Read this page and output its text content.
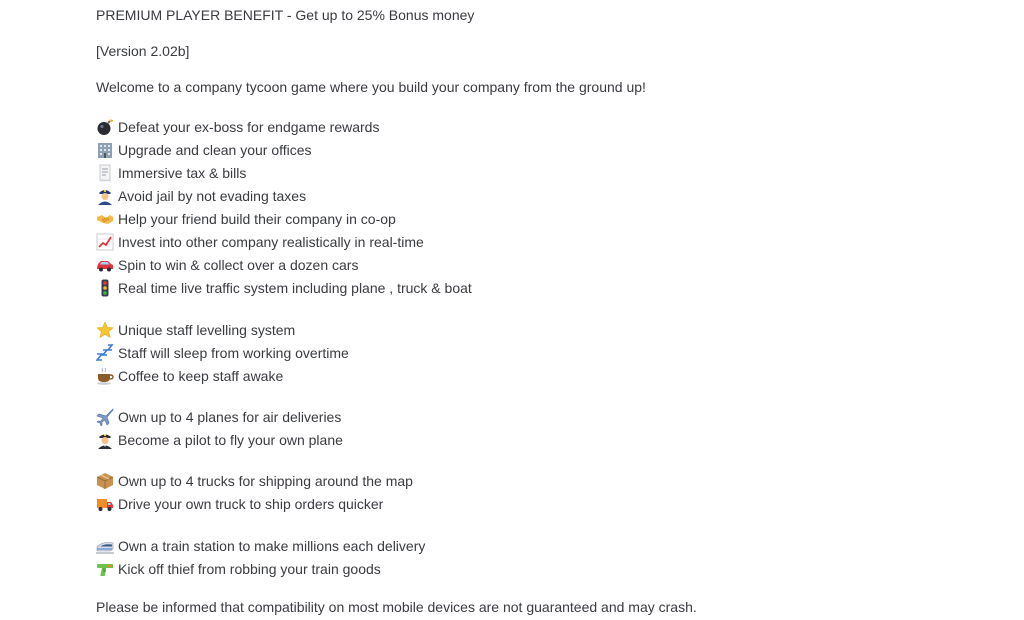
PREMIUM PLAYER BENEFIT - Get up to 25% Bonus money
[Version 2.02b]
Welcome to a company tycoon game where you build your company from the ground up!
Defeat your ex-boss for endgame rewards
Upgrade and clean your offices
Immersive tax & bills
Avoid jail by not evading taxes
Help your friend build their company in co-op
Invest into other company realistically in real-time
Spin to win & collect over a dozen cars
Real time live traffic system including plane , truck & boat
Unique staff levelling system
Staff will sleep from working overtime
Coffee to keep staff awake
Own up to 4 planes for air deliveries
Become a pilot to fly your own plane
Own up to 4 trucks for shipping around the map
Drive your own truck to ship orders quicker
Own a train station to make millions each delivery
Kick off thief from robbing your train goods
Please be informed that compatibility on most mobile devices are not guaranteed and may crash.
